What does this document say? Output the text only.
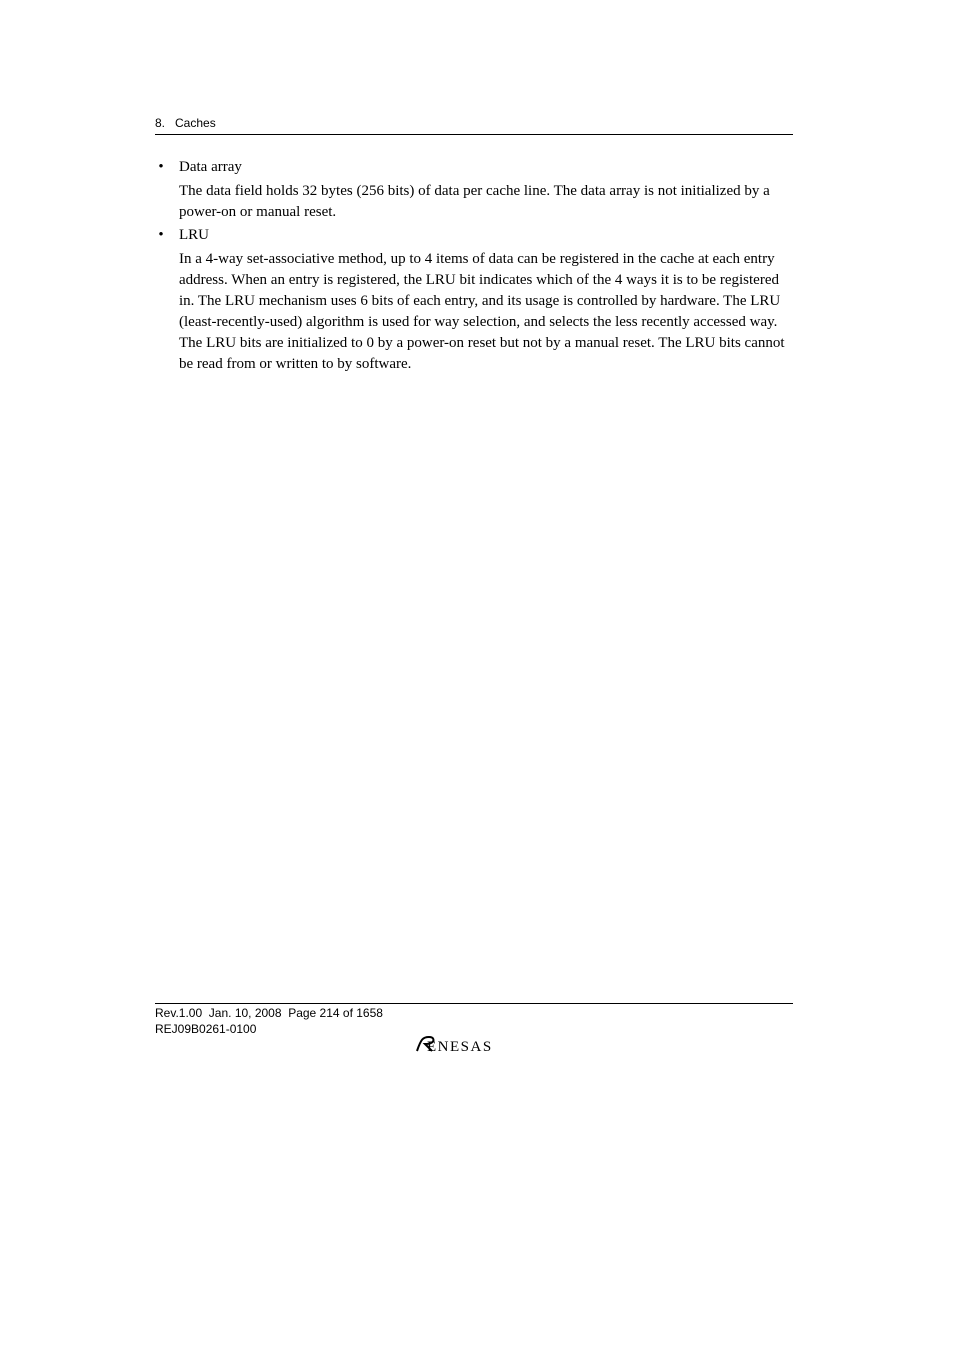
8.   Caches
• Data array
The data field holds 32 bytes (256 bits) of data per cache line. The data array is not initialized by a power-on or manual reset.
• LRU
In a 4-way set-associative method, up to 4 items of data can be registered in the cache at each entry address. When an entry is registered, the LRU bit indicates which of the 4 ways it is to be registered in. The LRU mechanism uses 6 bits of each entry, and its usage is controlled by hardware. The LRU (least-recently-used) algorithm is used for way selection, and selects the less recently accessed way. The LRU bits are initialized to 0 by a power-on reset but not by a manual reset. The LRU bits cannot be read from or written to by software.
Rev.1.00  Jan. 10, 2008  Page 214 of 1658
REJ09B0261-0100
ENESAS
